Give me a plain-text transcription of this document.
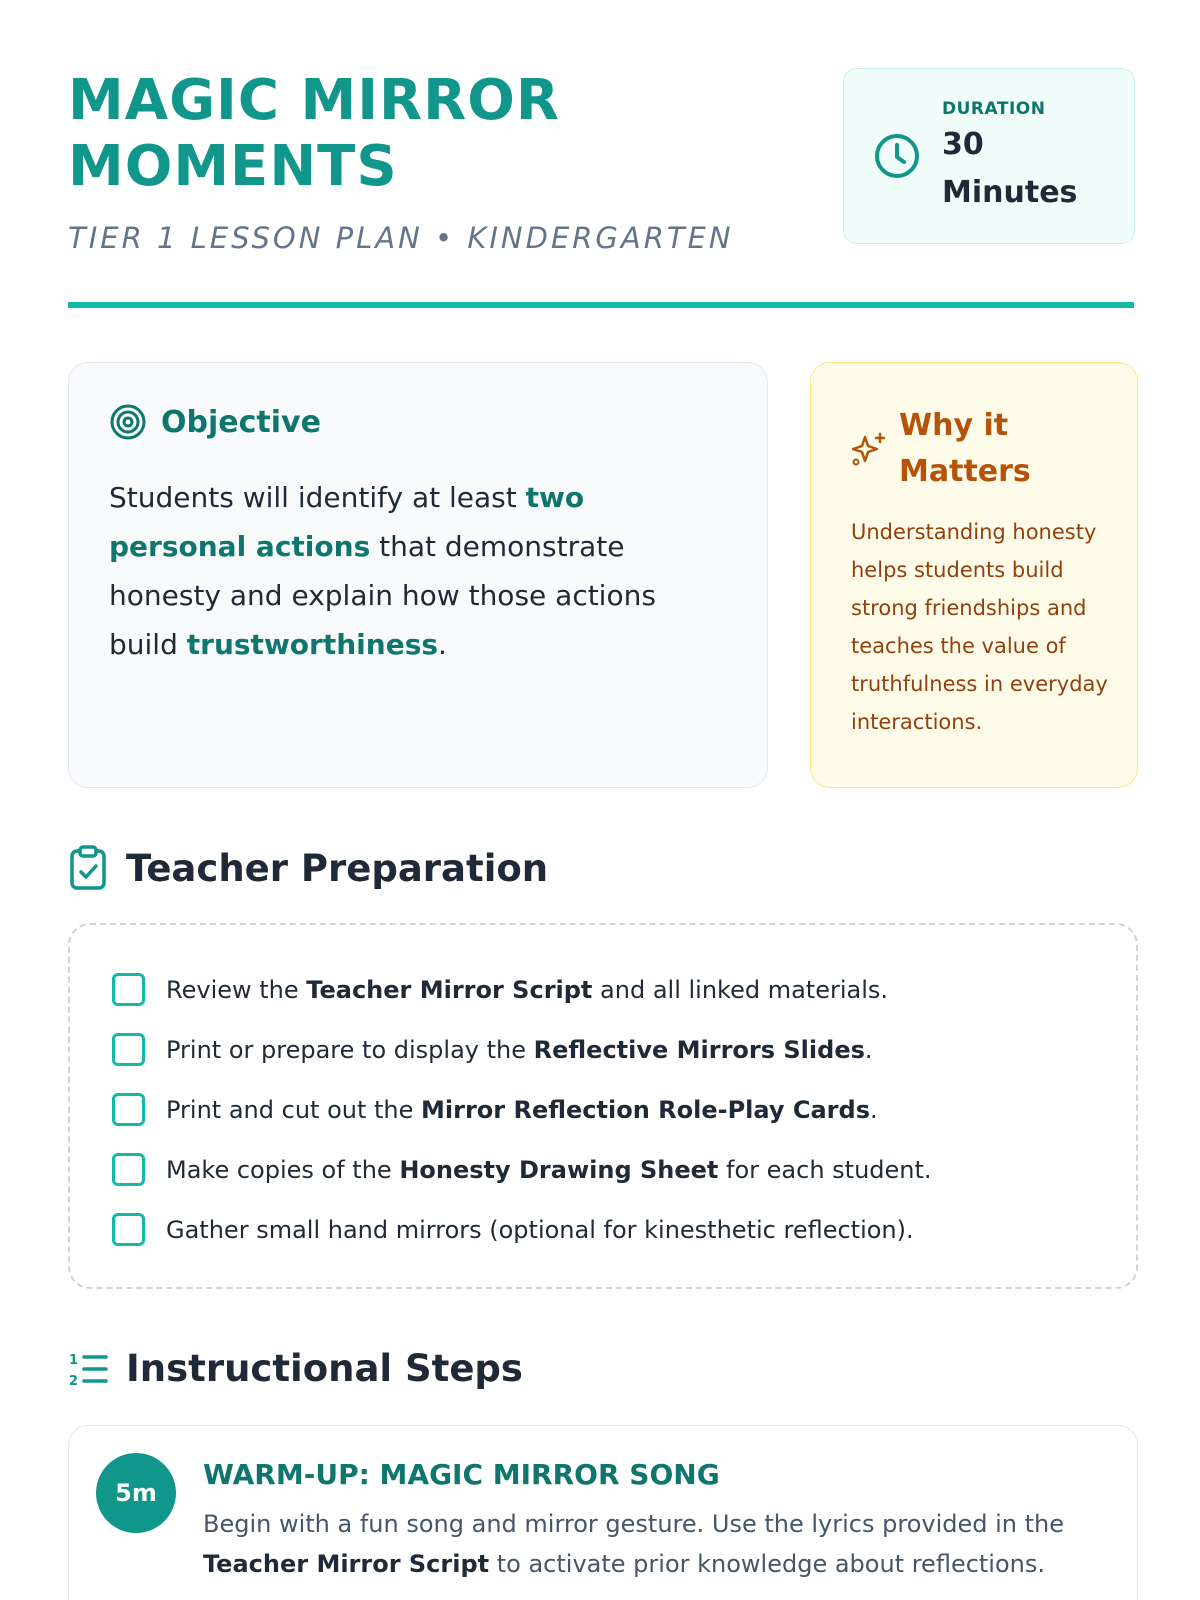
MAGIC MIRROR MOMENTS
TIER 1 LESSON PLAN • KINDERGARTEN
DURATION
30 Minutes
Objective

Students will identify at least two personal actions that demonstrate honesty and explain how those actions build trustworthiness.

Why it Matters

Understanding honesty helps students build strong friendships and teaches the value of truthfulness in everyday interactions.

Teacher Preparation
Review the Teacher Mirror Script and all linked materials.
Print or prepare to display the Reflective Mirrors Slides.
Print and cut out the Mirror Reflection Role-Play Cards.
Make copies of the Honesty Drawing Sheet for each student.
Gather small hand mirrors (optional for kinesthetic reflection).
1
2 Instructional Steps
5m
WARM-UP: MAGIC MIRROR SONG

Begin with a fun song and mirror gesture. Use the lyrics provided in the Teacher Mirror Script to activate prior knowledge about reflections.
